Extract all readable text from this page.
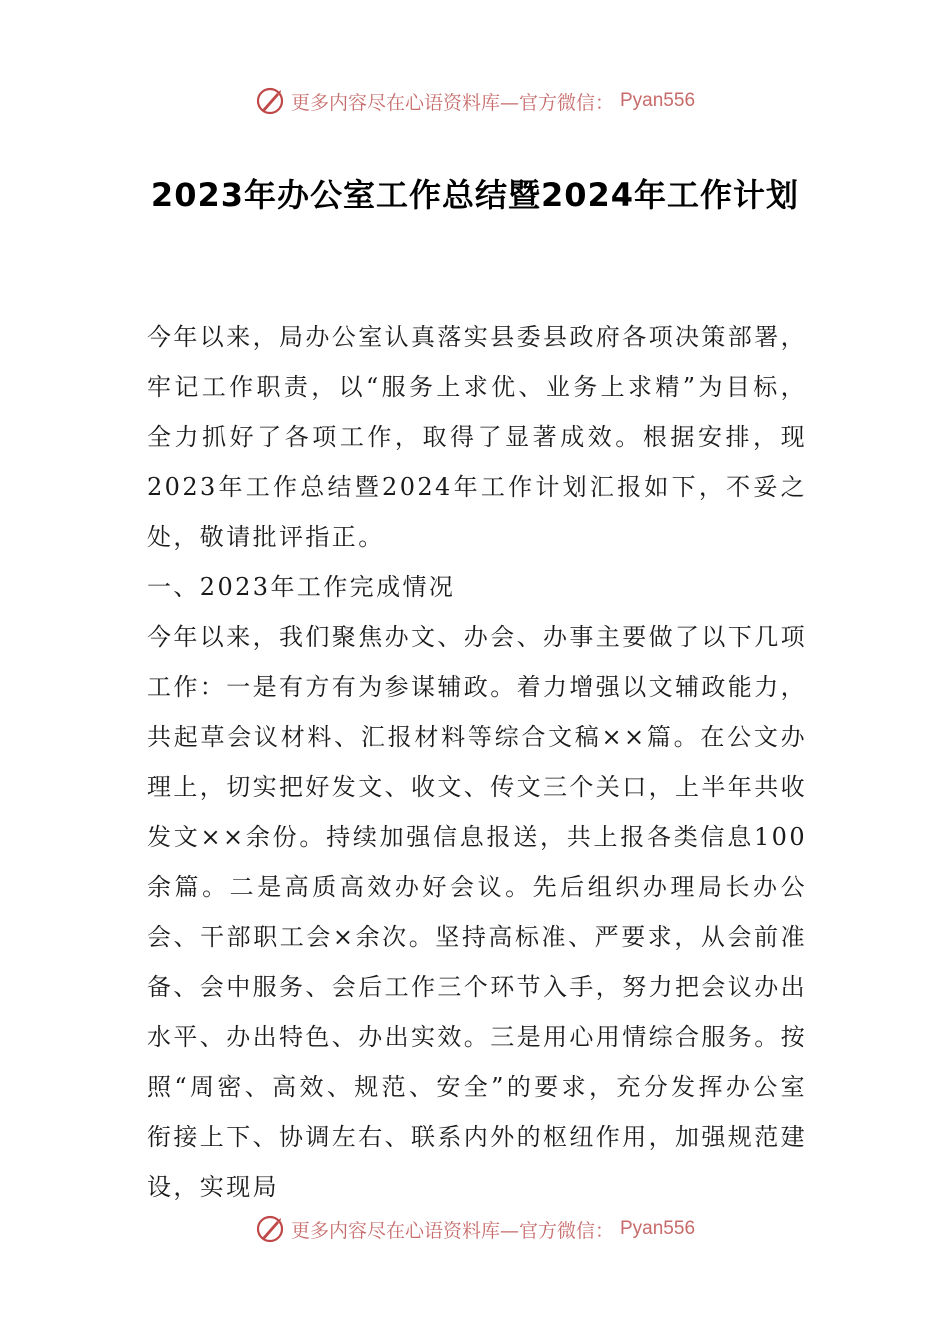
更多内容尽在心语资料库—官方微信： Pyan556
2023年办公室工作总结暨2024年工作计划

今年以来，局办公室认真落实县委县政府各项决策部署，牢记工作职责，以“服务上求优、业务上求精”为目标，全力抓好了各项工作，取得了显著成效。根据安排，现2023年工作总结暨2024年工作计划汇报如下，不妥之处，敬请批评指正。

一、2023年工作完成情况

今年以来，我们聚焦办文、办会、办事主要做了以下几项工作：一是有方有为参谋辅政。着力增强以文辅政能力，共起草会议材料、汇报材料等综合文稿××篇。在公文办理上，切实把好发文、收文、传文三个关口，上半年共收发文××余份。持续加强信息报送，共上报各类信息100余篇。二是高质高效办好会议。先后组织办理局长办公会、干部职工会×余次。坚持高标准、严要求，从会前准备、会中服务、会后工作三个环节入手，努力把会议办出水平、办出特色、办出实效。三是用心用情综合服务。按照“周密、高效、规范、安全”的要求，充分发挥办公室衔接上下、协调左右、联系内外的枢纽作用，加强规范建设，实现局

更多内容尽在心语资料库—官方微信： Pyan556
